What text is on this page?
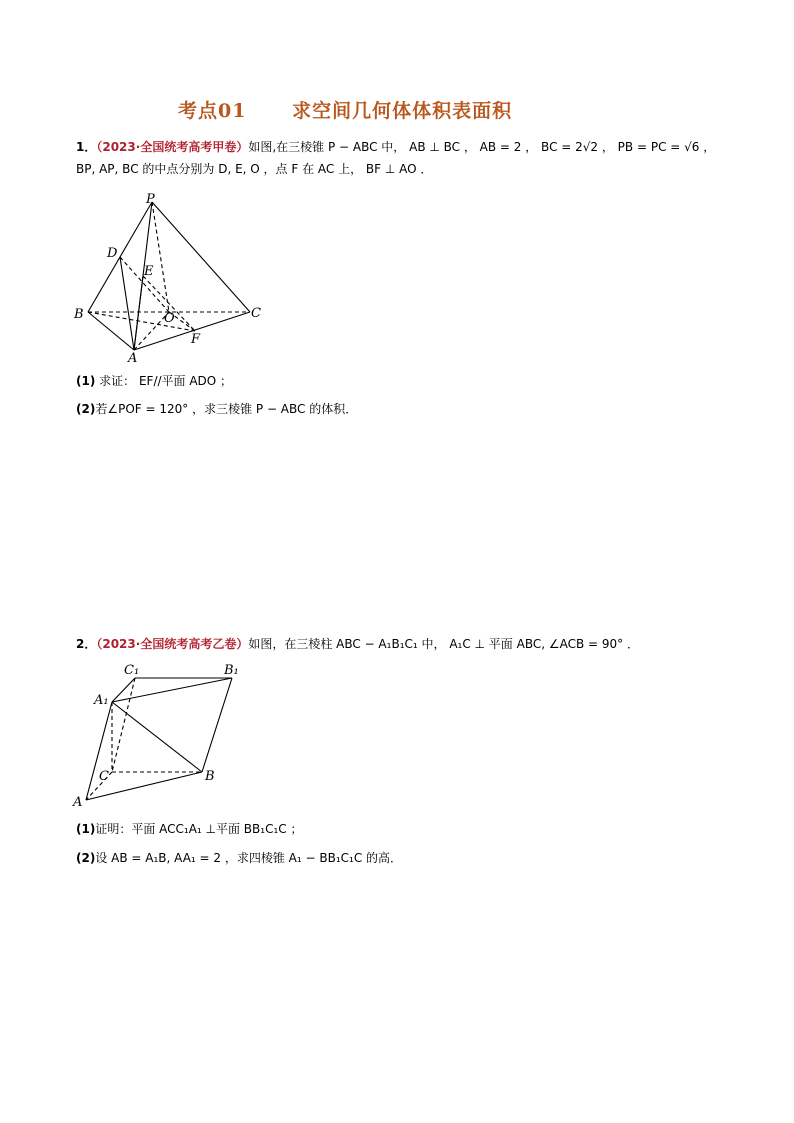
考点01      求空间几何体体积表面积
1．（2023·全国统考高考甲卷）如图,在三棱锥 P − ABC 中， AB ⊥ BC ， AB = 2 ， BC = 2√2 ， PB = PC = √6 ，
BP, AP, BC 的中点分别为 D, E, O ，点 F 在 AC 上， BF ⊥ AO ．
P
D
E
B	O	C
A
F
(1) 求证： EF//平面 ADO ；
(2)若∠POF = 120° ，求三棱锥 P − ABC 的体积．
2．（2023·全国统考高考乙卷）如图，在三棱柱 ABC − A₁B₁C₁ 中， A₁C ⊥ 平面 ABC, ∠ACB = 90° ．
C₁	B₁
A₁
C	B
A
(1)证明：平面 ACC₁A₁ ⊥平面 BB₁C₁C ；
(2)设 AB = A₁B, AA₁ = 2 ，求四棱锥 A₁ − BB₁C₁C 的高．
